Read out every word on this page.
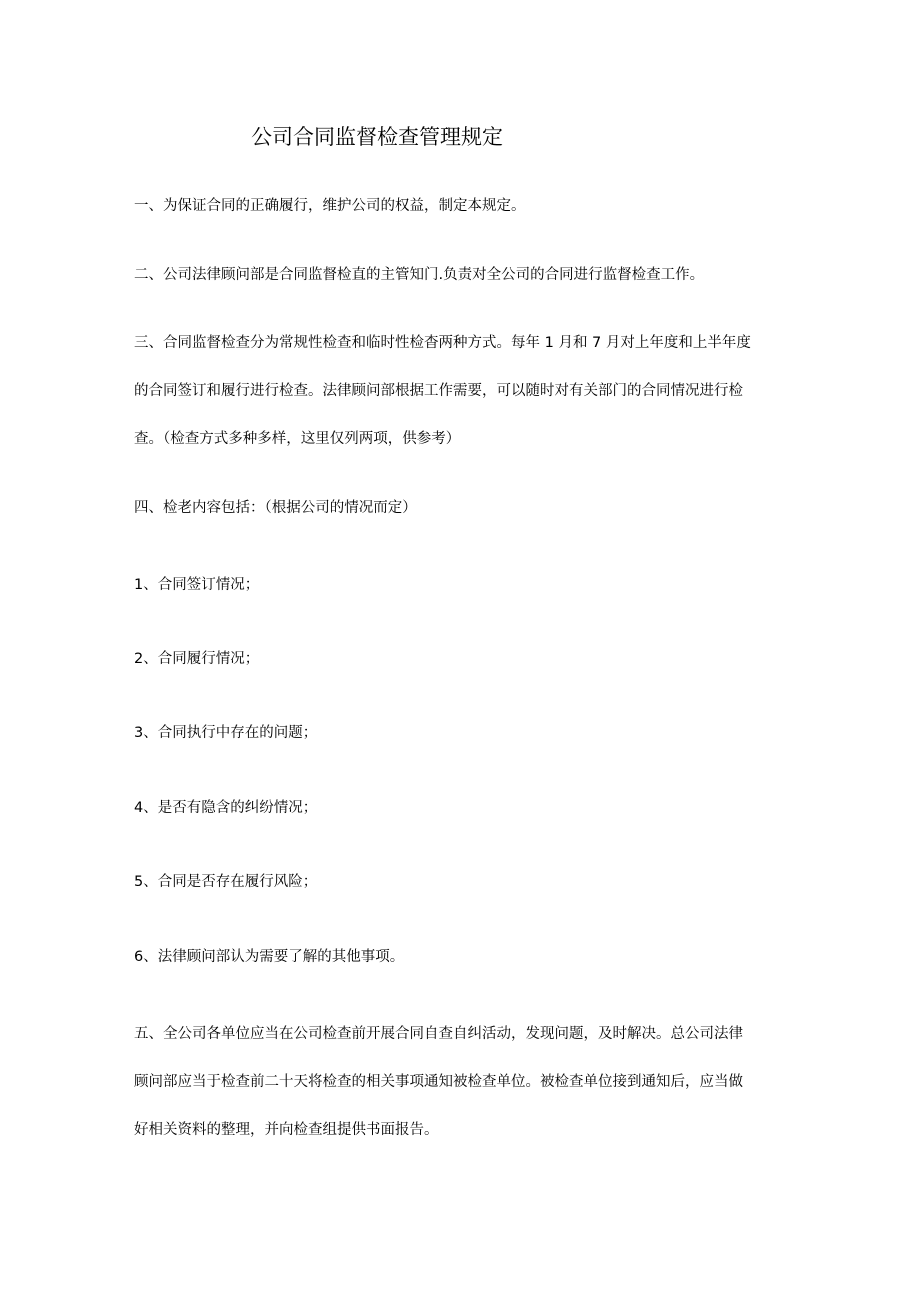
公司合同监督检查管理规定

一、为保证合同的正确履行，维护公司的权益，制定本规定。

二、公司法律顾问部是合同监督检直的主管知门.负责对全公司的合同进行监督检查工作。

三、合同监督检查分为常规性检查和临时性检杳两种方式。每年 1 月和 7 月对上年度和上半年度
的合同签订和履行进行检查。法律顾问部根据工作需要，可以随时对有关部门的合同情况进行检
查。（检查方式多种多样，这里仅列两项，供参考）

四、检老内容包括：（根据公司的情况而定）

1、合同签订情况；

2、合同履行情况；

3、合同执行中存在的问题；

4、是否有隐含的纠纷情况；

5、合同是否存在履行风险；

6、法律顾问部认为需要了解的其他事项。

五、全公司各单位应当在公司检查前开展合同自查自纠活动，发现问题，及时解决。总公司法律
顾问部应当于检查前二十天将检查的相关事项通知被检查单位。被检查单位接到通知后，应当做
好相关资料的整理，并向检查组提供书面报告。
